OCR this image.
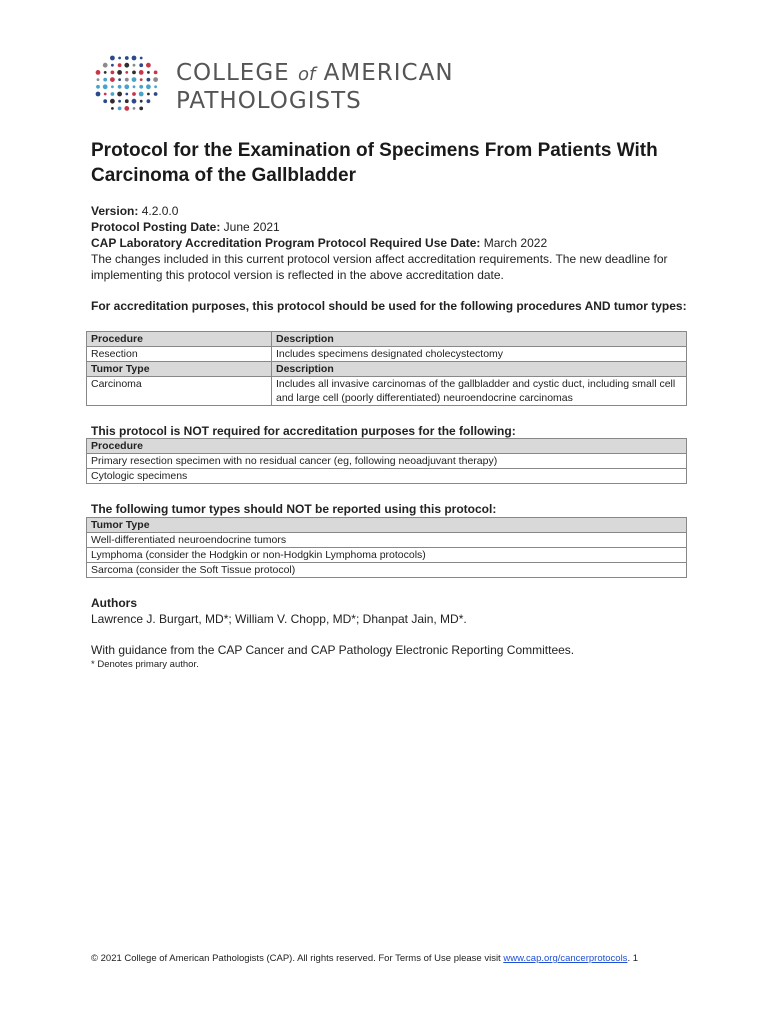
COLLEGE of AMERICAN
PATHOLOGISTS
Protocol for the Examination of Specimens From Patients With Carcinoma of the Gallbladder
Version: 4.2.0.0
Protocol Posting Date: June 2021
CAP Laboratory Accreditation Program Protocol Required Use Date: March 2022
The changes included in this current protocol version affect accreditation requirements. The new deadline for implementing this protocol version is reflected in the above accreditation date.
For accreditation purposes, this protocol should be used for the following procedures AND tumor types:
Procedure	Description
Resection	Includes specimens designated cholecystectomy
Tumor Type	Description
Carcinoma	Includes all invasive carcinomas of the gallbladder and cystic duct, including small cell and large cell (poorly differentiated) neuroendocrine carcinomas
This protocol is NOT required for accreditation purposes for the following:
Procedure
Primary resection specimen with no residual cancer (eg, following neoadjuvant therapy)
Cytologic specimens
The following tumor types should NOT be reported using this protocol:
Tumor Type
Well-differentiated neuroendocrine tumors
Lymphoma (consider the Hodgkin or non-Hodgkin Lymphoma protocols)
Sarcoma (consider the Soft Tissue protocol)
Authors
Lawrence J. Burgart, MD*; William V. Chopp, MD*; Dhanpat Jain, MD*.
With guidance from the CAP Cancer and CAP Pathology Electronic Reporting Committees.
* Denotes primary author.
© 2021 College of American Pathologists (CAP). All rights reserved. For Terms of Use please visit www.cap.org/cancerprotocols. 1
